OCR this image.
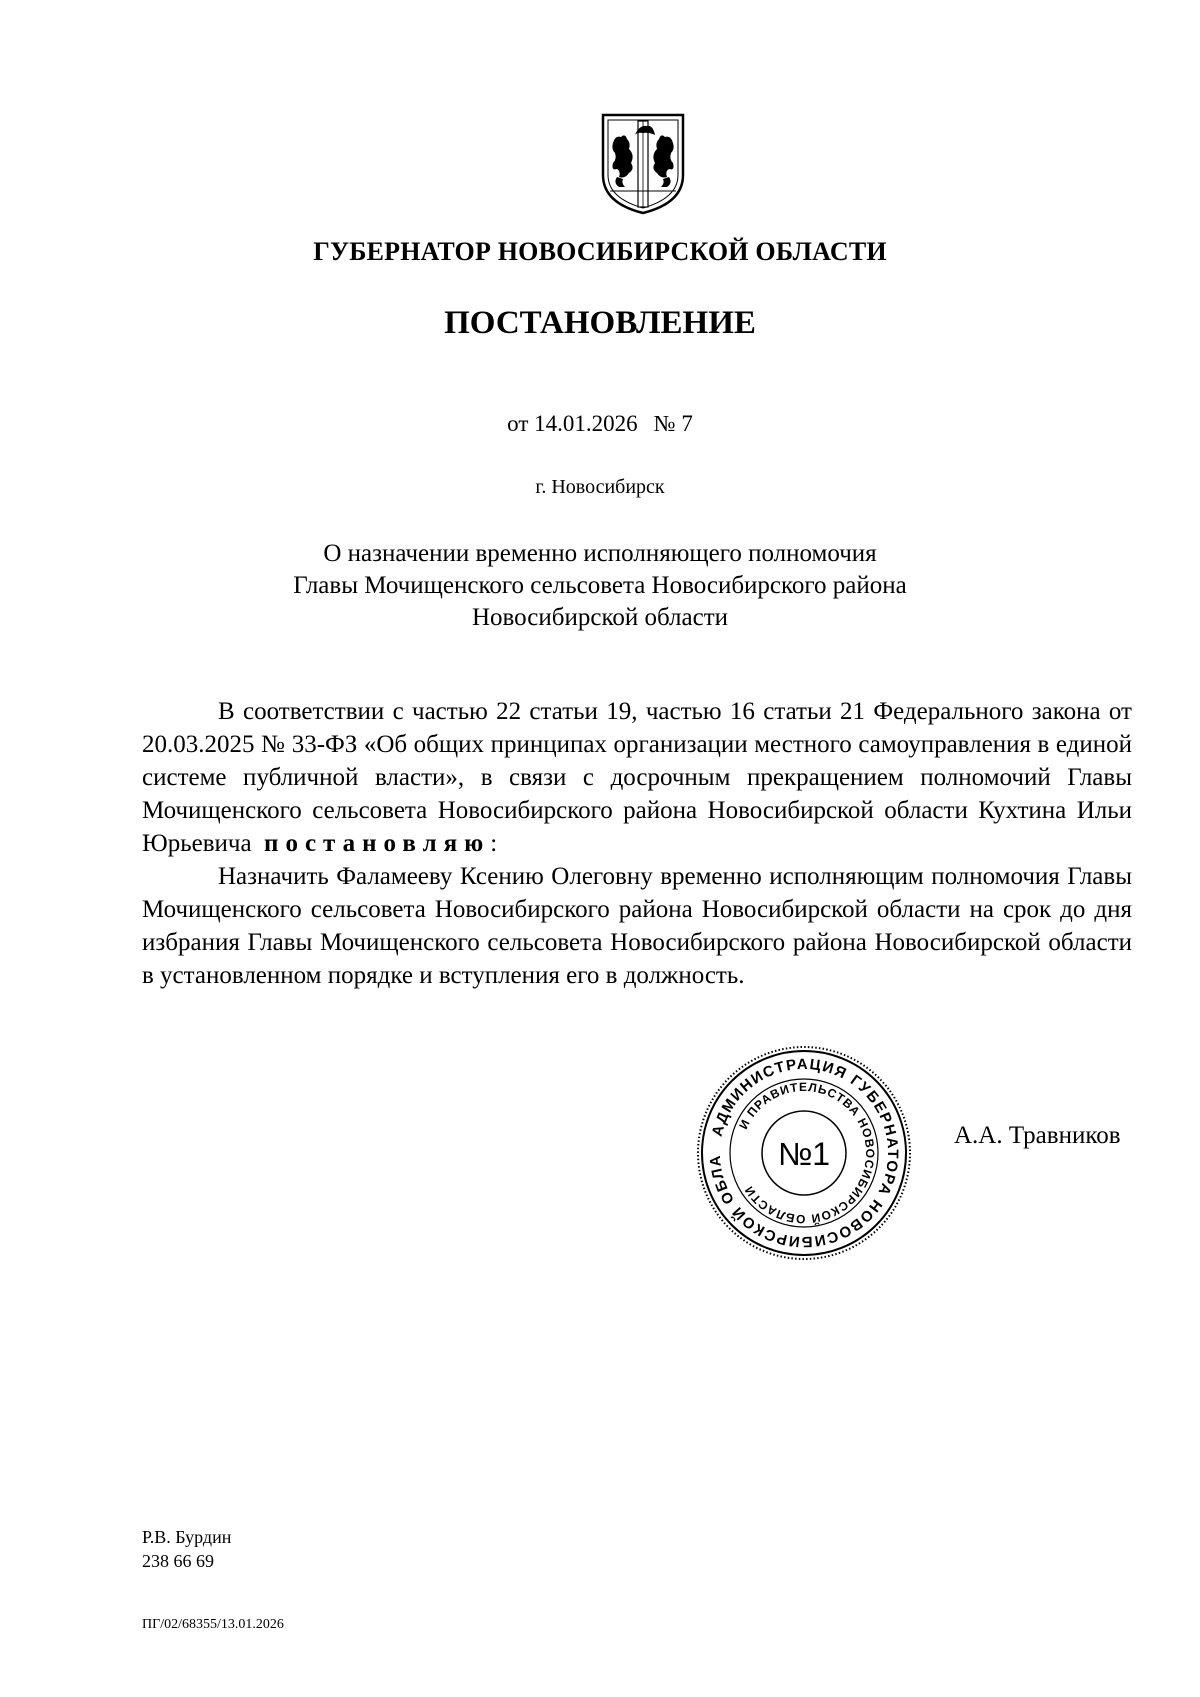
ГУБЕРНАТОР НОВОСИБИРСКОЙ ОБЛАСТИ
ПОСТАНОВЛЕНИЕ
от 14.01.2026 № 7
г. Новосибирск
О назначении временно исполняющего полномочия
Главы Мочищенского сельсовета Новосибирского района
Новосибирской области

В соответствии с частью 22 статьи 19, частью 16 статьи 21 Федерального закона от 20.03.2025 № 33-ФЗ «Об общих принципах организации местного самоуправления в единой системе публичной власти», в связи с досрочным прекращением полномочий Главы Мочищенского сельсовета Новосибирского района Новосибирской области Кухтина Ильи Юрьевича постановляю:

Назначить Фаламееву Ксению Олеговну временно исполняющим полномочия Главы Мочищенского сельсовета Новосибирского района Новосибирской области на срок до дня избрания Главы Мочищенского сельсовета Новосибирского района Новосибирской области в установленном порядке и вступления его в должность.

АДМИНИСТРАЦИЯ ГУБЕРНАТОРА НОВОСИБИРСКОЙ ОБЛА
И ПРАВИТЕЛЬСТВА НОВОСИБИРСКОЙ ОБЛАСТИ
№1
А.А. Травников
Р.В. Бурдин
238 66 69
ПГ/02/68355/13.01.2026
